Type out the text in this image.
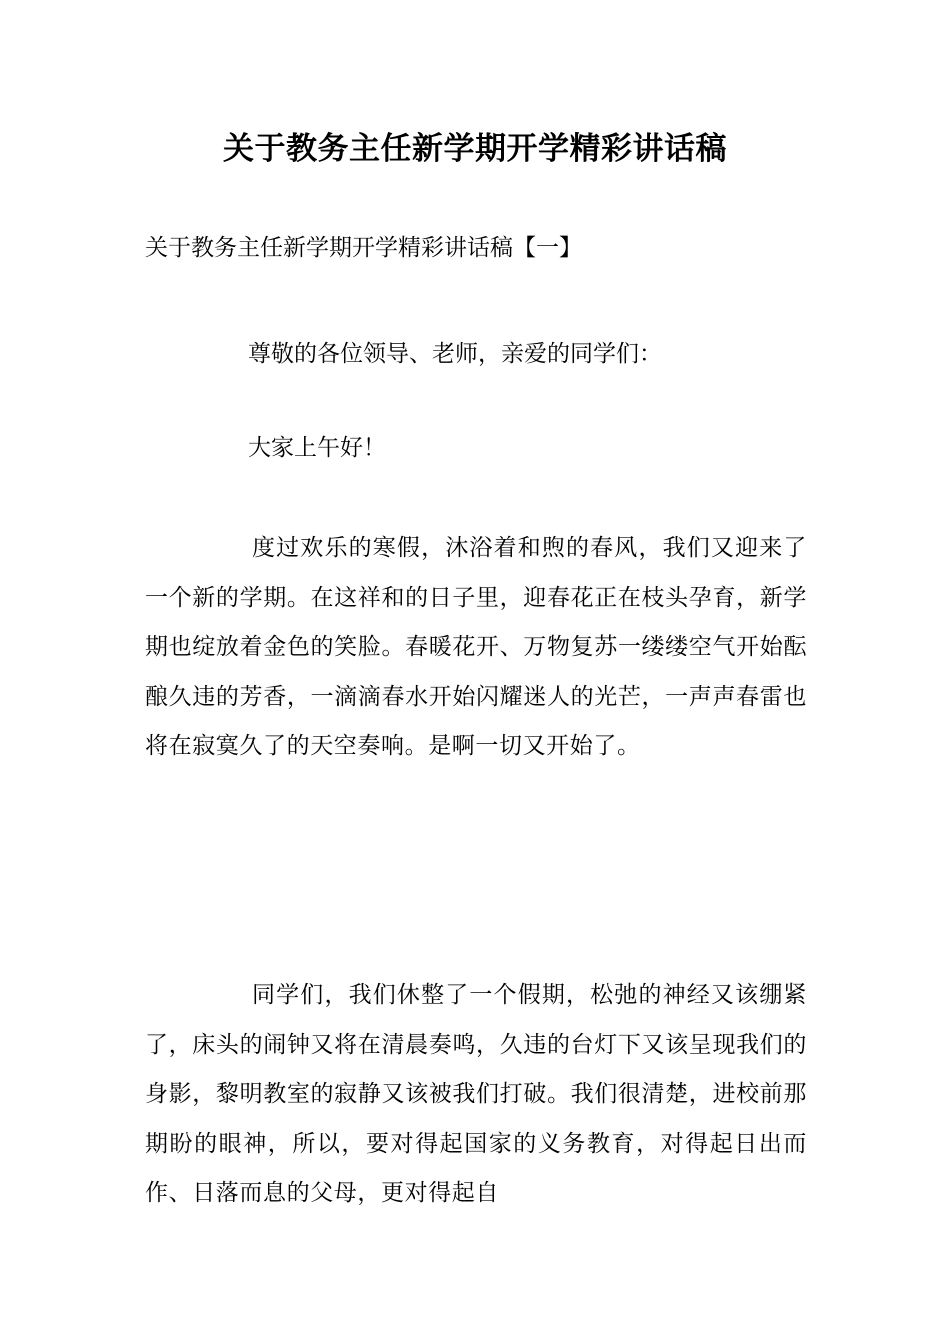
关于教务主任新学期开学精彩讲话稿
关于教务主任新学期开学精彩讲话稿【一】
尊敬的各位领导、老师，亲爱的同学们：
大家上午好！
度过欢乐的寒假，沐浴着和煦的春风，我们又迎来了一个新的学期。在这祥和的日子里，迎春花正在枝头孕育，新学期也绽放着金色的笑脸。春暖花开、万物复苏一缕缕空气开始酝酿久违的芳香，一滴滴春水开始闪耀迷人的光芒，一声声春雷也将在寂寞久了的天空奏响。是啊一切又开始了。
同学们，我们休整了一个假期，松弛的神经又该绷紧了，床头的闹钟又将在清晨奏鸣，久违的台灯下又该呈现我们的身影，黎明教室的寂静又该被我们打破。我们很清楚，进校前那期盼的眼神，所以，要对得起国家的义务教育，对得起日出而作、日落而息的父母，更对得起自
